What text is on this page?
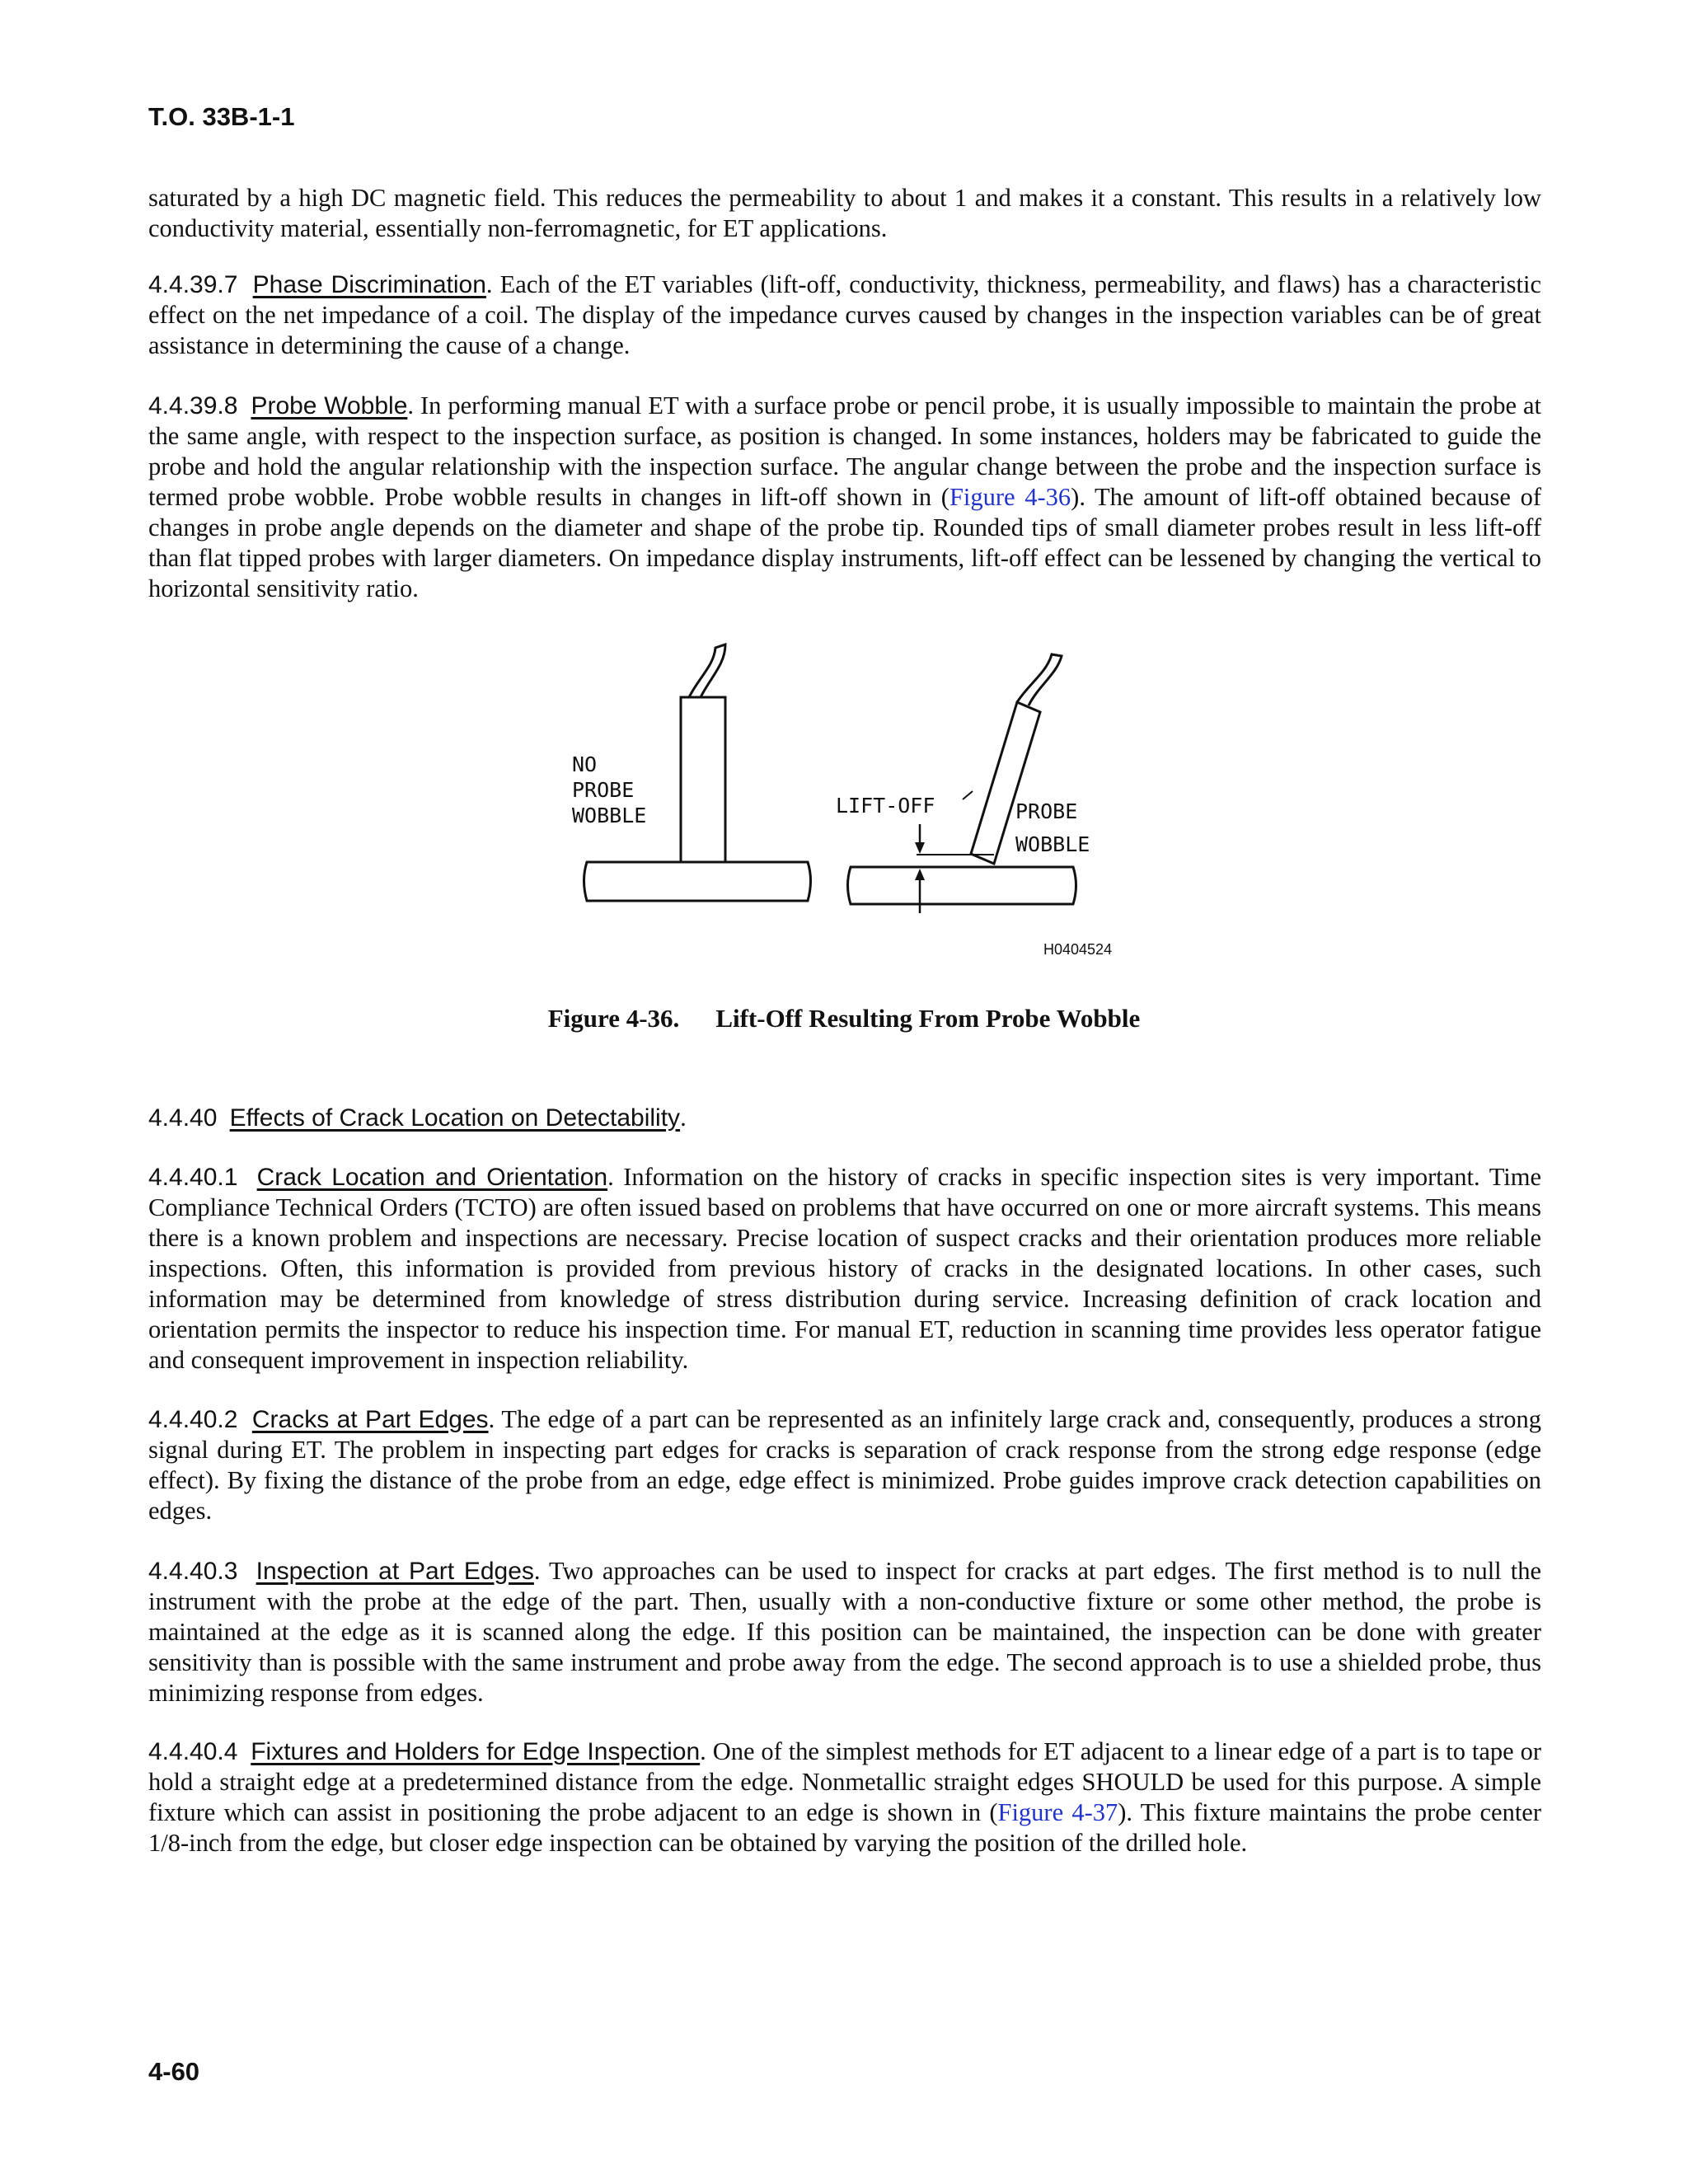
T.O. 33B-1-1

saturated by a high DC magnetic field. This reduces the permeability to about 1 and makes it a constant. This results in a relatively low conductivity material, essentially non-ferromagnetic, for ET applications.

4.4.39.7 Phase Discrimination. Each of the ET variables (lift-off, conductivity, thickness, permeability, and flaws) has a characteristic effect on the net impedance of a coil. The display of the impedance curves caused by changes in the inspection variables can be of great assistance in determining the cause of a change.

4.4.39.8 Probe Wobble. In performing manual ET with a surface probe or pencil probe, it is usually impossible to maintain the probe at the same angle, with respect to the inspection surface, as position is changed. In some instances, holders may be fabricated to guide the probe and hold the angular relationship with the inspection surface. The angular change between the probe and the inspection surface is termed probe wobble. Probe wobble results in changes in lift-off shown in (Figure 4-36). The amount of lift-off obtained because of changes in probe angle depends on the diameter and shape of the probe tip. Rounded tips of small diameter probes result in less lift-off than flat tipped probes with larger diameters. On impedance display instruments, lift-off effect can be lessened by changing the vertical to horizontal sensitivity ratio.

NO
PROBE
WOBBLE	LIFT-OFF	PROBE
WOBBLE
H0404524
Figure 4-36. Lift-Off Resulting From Probe Wobble

4.4.40 Effects of Crack Location on Detectability.

4.4.40.1 Crack Location and Orientation. Information on the history of cracks in specific inspection sites is very important. Time Compliance Technical Orders (TCTO) are often issued based on problems that have occurred on one or more aircraft systems. This means there is a known problem and inspections are necessary. Precise location of suspect cracks and their orientation produces more reliable inspections. Often, this information is provided from previous history of cracks in the designated locations. In other cases, such information may be determined from knowledge of stress distribution during service. Increasing definition of crack location and orientation permits the inspector to reduce his inspection time. For manual ET, reduction in scanning time provides less operator fatigue and consequent improvement in inspection reliability.

4.4.40.2 Cracks at Part Edges. The edge of a part can be represented as an infinitely large crack and, consequently, produces a strong signal during ET. The problem in inspecting part edges for cracks is separation of crack response from the strong edge response (edge effect). By fixing the distance of the probe from an edge, edge effect is minimized. Probe guides improve crack detection capabilities on edges.

4.4.40.3 Inspection at Part Edges. Two approaches can be used to inspect for cracks at part edges. The first method is to null the instrument with the probe at the edge of the part. Then, usually with a non-conductive fixture or some other method, the probe is maintained at the edge as it is scanned along the edge. If this position can be maintained, the inspection can be done with greater sensitivity than is possible with the same instrument and probe away from the edge. The second approach is to use a shielded probe, thus minimizing response from edges.

4.4.40.4 Fixtures and Holders for Edge Inspection. One of the simplest methods for ET adjacent to a linear edge of a part is to tape or hold a straight edge at a predetermined distance from the edge. Nonmetallic straight edges SHOULD be used for this purpose. A simple fixture which can assist in positioning the probe adjacent to an edge is shown in (Figure 4-37). This fixture maintains the probe center 1/8-inch from the edge, but closer edge inspection can be obtained by varying the position of the drilled hole.

4-60
